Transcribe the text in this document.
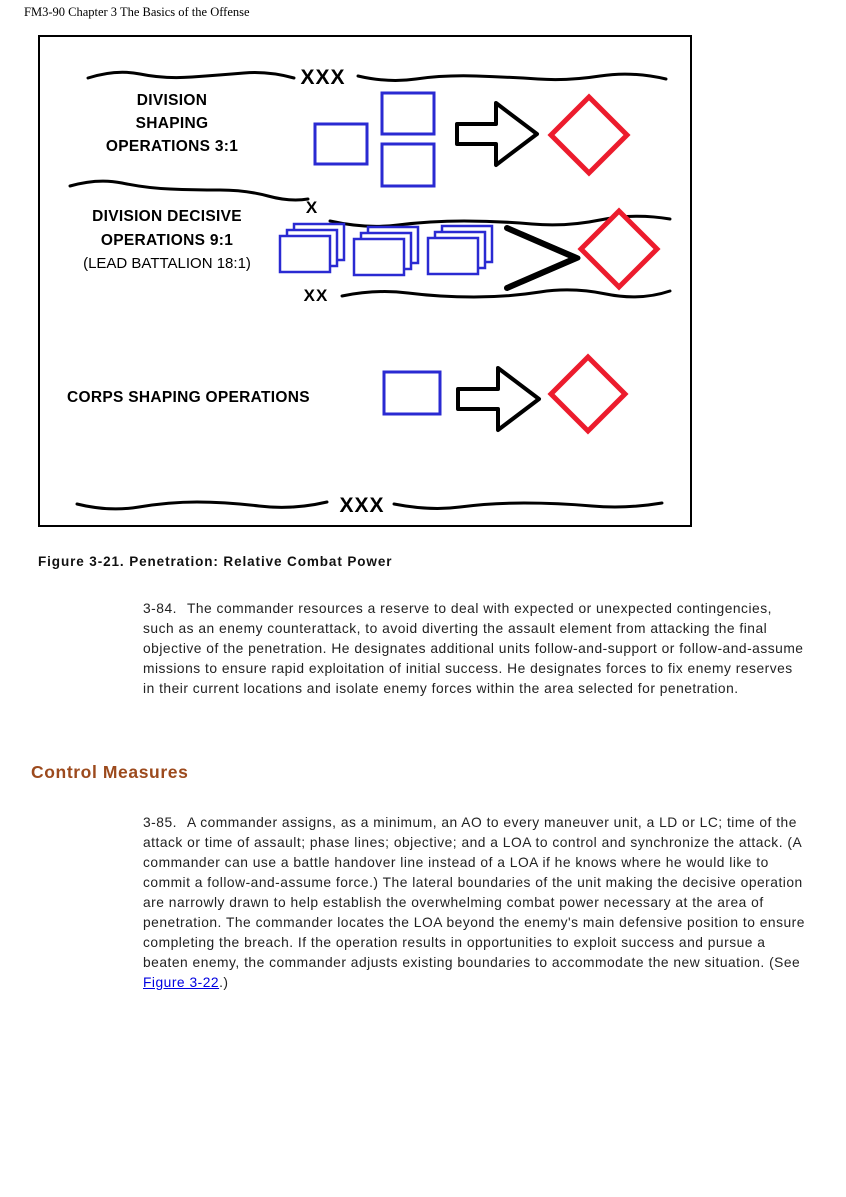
FM3-90 Chapter 3 The Basics of the Offense
XXX
DIVISION
SHAPING
OPERATIONS 3:1
X
DIVISION DECISIVE
OPERATIONS 9:1
(LEAD BATTALION 18:1)
XX
CORPS SHAPING OPERATIONS
XXX
Figure 3-21. Penetration: Relative Combat Power

3-84. The commander resources a reserve to deal with expected or unexpected contingencies, such as an enemy counterattack, to avoid diverting the assault element from attacking the final objective of the penetration. He designates additional units follow-and-support or follow-and-assume missions to ensure rapid exploitation of initial success. He designates forces to fix enemy reserves in their current locations and isolate enemy forces within the area selected for penetration.

Control Measures

3-85. A commander assigns, as a minimum, an AO to every maneuver unit, a LD or LC; time of the attack or time of assault; phase lines; objective; and a LOA to control and synchronize the attack. (A commander can use a battle handover line instead of a LOA if he knows where he would like to commit a follow-and-assume force.) The lateral boundaries of the unit making the decisive operation are narrowly drawn to help establish the overwhelming combat power necessary at the area of penetration. The commander locates the LOA beyond the enemy's main defensive position to ensure completing the breach. If the operation results in opportunities to exploit success and pursue a beaten enemy, the commander adjusts existing boundaries to accommodate the new situation. (See Figure 3-22.)
